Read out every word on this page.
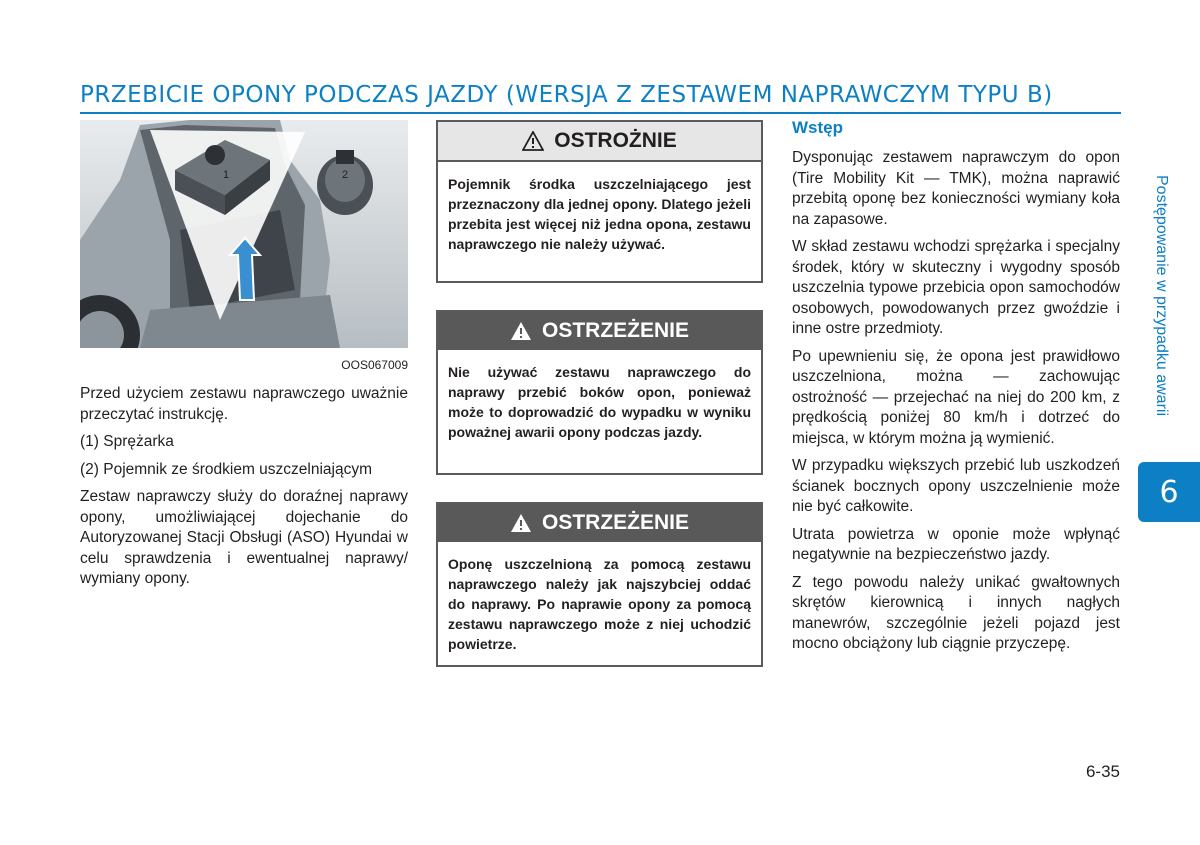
PRZEBICIE OPONY PODCZAS JAZDY (WERSJA Z ZESTAWEM NAPRAWCZYM TYPU B)
1	2
OOS067009

Przed użyciem zestawu naprawczego uważnie przeczytać instrukcję.

(1) Sprężarka

(2) Pojemnik ze środkiem uszczelniającym

Zestaw naprawczy służy do doraźnej naprawy opony, umożliwiającej dojechanie do Autoryzowanej Stacji Obsługi (ASO) Hyundai w celu sprawdzenia i ewentualnej naprawy/ wymiany opony.

OSTROŻNIE
Pojemnik środka uszczelniającego jest przeznaczony dla jednej opony. Dlatego jeżeli przebita jest więcej niż jedna opona, zestawu naprawczego nie należy używać.
OSTRZEŻENIE
Nie używać zestawu naprawczego do naprawy przebić boków opon, ponieważ może to doprowadzić do wypadku w wyniku poważnej awarii opony podczas jazdy.
OSTRZEŻENIE
Oponę uszczelnioną za pomocą zestawu naprawczego należy jak najszybciej oddać do naprawy. Po naprawie opony za pomocą zestawu naprawczego może z niej uchodzić powietrze.
Wstęp

Dysponując zestawem naprawczym do opon (Tire Mobility Kit — TMK), można naprawić przebitą oponę bez konieczności wymiany koła na zapasowe.

W skład zestawu wchodzi sprężarka i specjalny środek, który w skuteczny i wygodny sposób uszczelnia typowe przebicia opon samochodów osobowych, powodowanych przez gwoździe i inne ostre przedmioty.

Po upewnieniu się, że opona jest prawidłowo uszczelniona, można — zachowując ostrożność — przejechać na niej do 200 km, z prędkością poniżej 80 km/h i dotrzeć do miejsca, w którym można ją wymienić.

W przypadku większych przebić lub uszkodzeń ścianek bocznych opony uszczelnienie może nie być całkowite.

Utrata powietrza w oponie może wpłynąć negatywnie na bezpieczeństwo jazdy.

Z tego powodu należy unikać gwałtownych skrętów kierownicą i innych nagłych manewrów, szczególnie jeżeli pojazd jest mocno obciążony lub ciągnie przyczepę.

Postępowanie w przypadku awarii
6
6-35
